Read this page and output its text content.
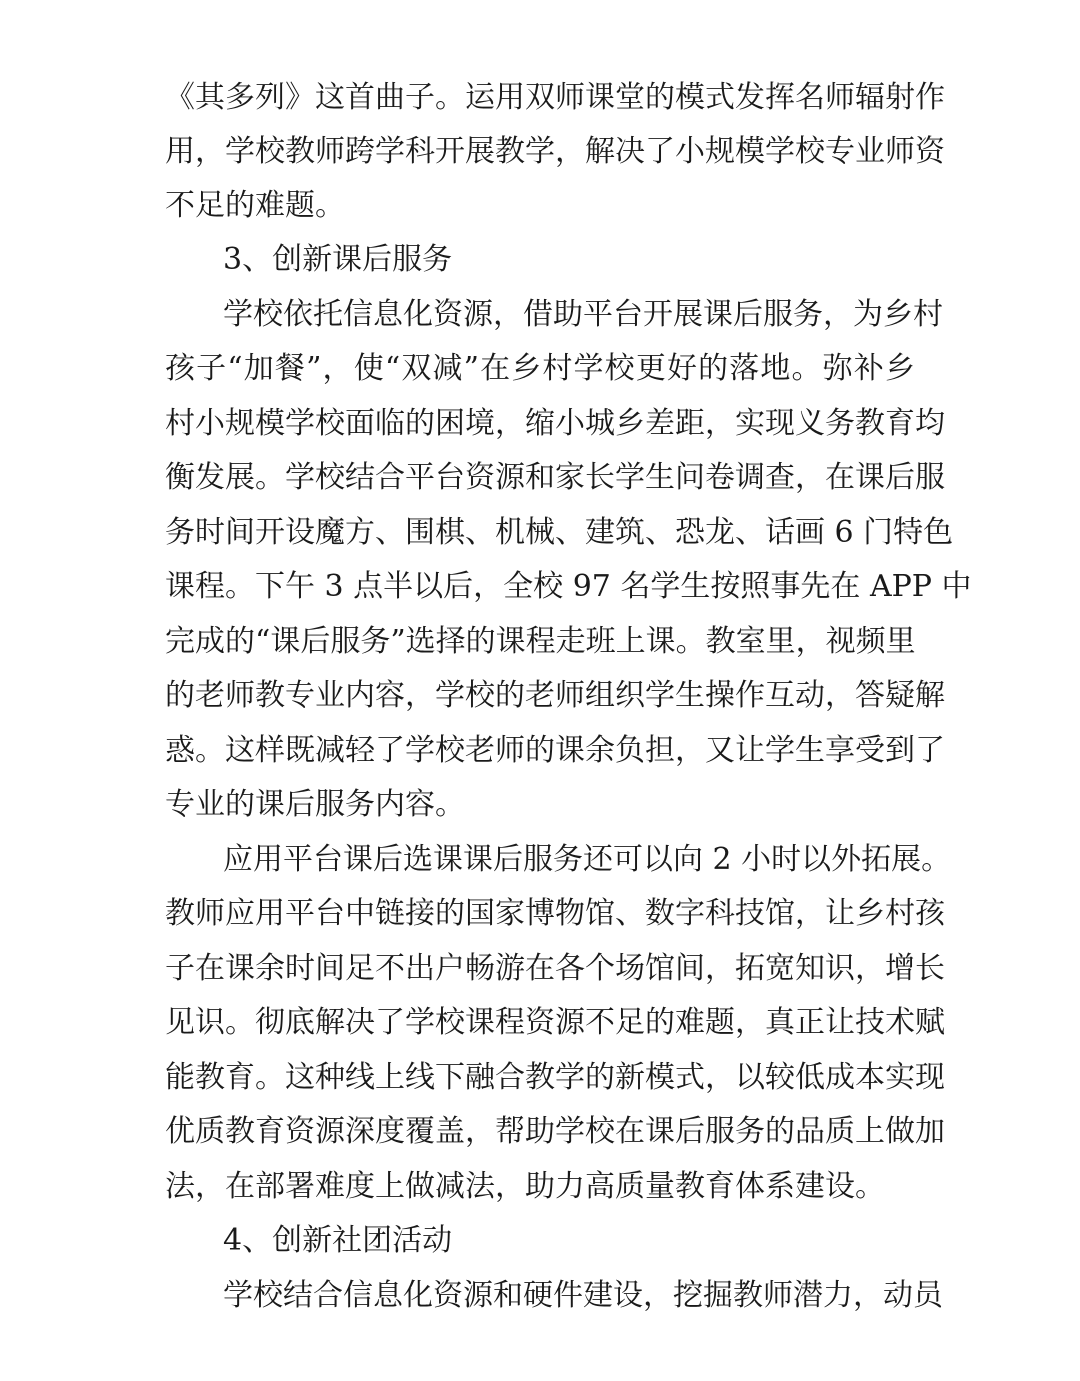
《其多列》这首曲子。运用双师课堂的模式发挥名师辐射作
用，学校教师跨学科开展教学，解决了小规模学校专业师资
不足的难题。
3、创新课后服务
学校依托信息化资源，借助平台开展课后服务，为乡村
孩子“加餐”，使“双减”在乡村学校更好的落地。弥补乡
村小规模学校面临的困境，缩小城乡差距，实现义务教育均
衡发展。学校结合平台资源和家长学生问卷调查，在课后服
务时间开设魔方、围棋、机械、建筑、恐龙、话画 6 门特色
课程。下午 3 点半以后，全校 97 名学生按照事先在 APP 中
完成的“课后服务”选择的课程走班上课。教室里，视频里
的老师教专业内容，学校的老师组织学生操作互动，答疑解
惑。这样既减轻了学校老师的课余负担，又让学生享受到了
专业的课后服务内容。
应用平台课后选课课后服务还可以向 2 小时以外拓展。
教师应用平台中链接的国家博物馆、数字科技馆，让乡村孩
子在课余时间足不出户畅游在各个场馆间，拓宽知识，增长
见识。彻底解决了学校课程资源不足的难题，真正让技术赋
能教育。这种线上线下融合教学的新模式，以较低成本实现
优质教育资源深度覆盖，帮助学校在课后服务的品质上做加
法，在部署难度上做减法，助力高质量教育体系建设。
4、创新社团活动
学校结合信息化资源和硬件建设，挖掘教师潜力，动员
